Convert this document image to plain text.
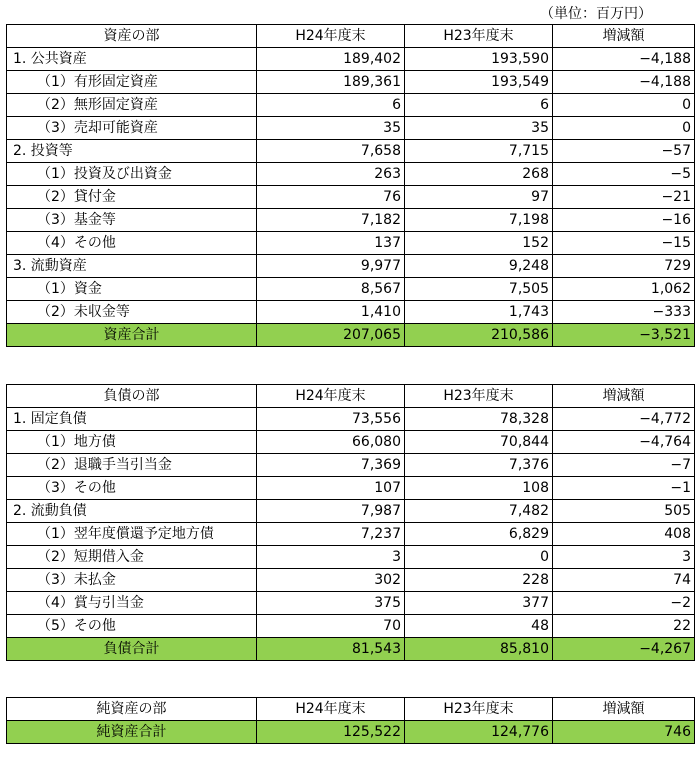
（単位：百万円）
資産の部	H24年度末	H23年度末	増減額
1. 公共資産	189,402	193,590	−4,188
（1）有形固定資産	189,361	193,549	−4,188
（2）無形固定資産	6	6	0
（3）売却可能資産	35	35	0
2. 投資等	7,658	7,715	−57
（1）投資及び出資金	263	268	−5
（2）貸付金	76	97	−21
（3）基金等	7,182	7,198	−16
（4）その他	137	152	−15
3. 流動資産	9,977	9,248	729
（1）資金	8,567	7,505	1,062
（2）未収金等	1,410	1,743	−333
資産合計	207,065	210,586	−3,521
負債の部	H24年度末	H23年度末	増減額
1. 固定負債	73,556	78,328	−4,772
（1）地方債	66,080	70,844	−4,764
（2）退職手当引当金	7,369	7,376	−7
（3）その他	107	108	−1
2. 流動負債	7,987	7,482	505
（1）翌年度償還予定地方債	7,237	6,829	408
（2）短期借入金	3	0	3
（3）未払金	302	228	74
（4）賞与引当金	375	377	−2
（5）その他	70	48	22
負債合計	81,543	85,810	−4,267
純資産の部	H24年度末	H23年度末	増減額
純資産合計	125,522	124,776	746
